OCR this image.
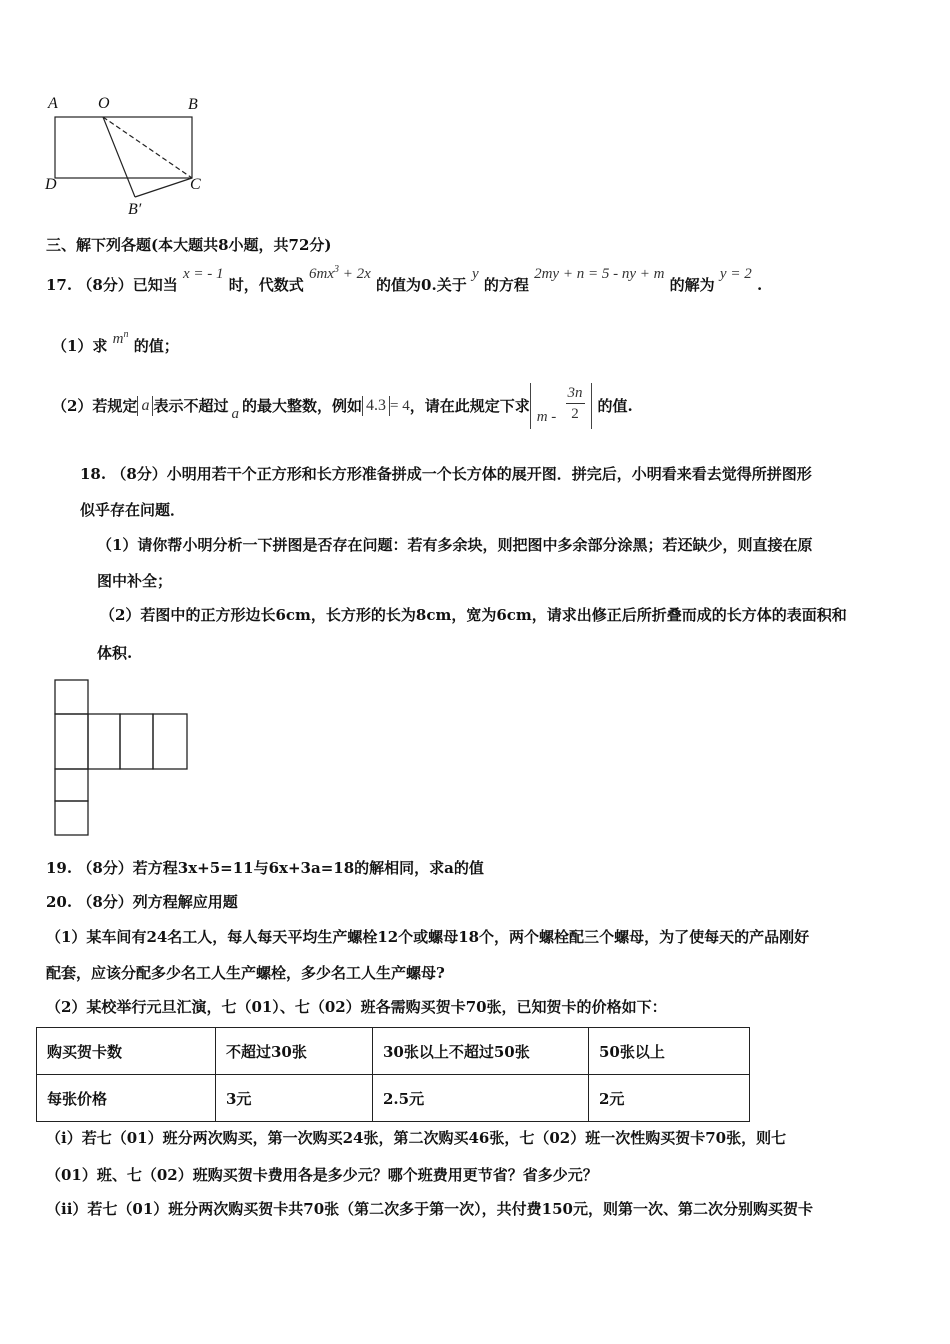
A	O	B
D	C
B′
三、解下列各题(本大题共8小题，共72分)
17. （8分）已知当 x = - 1 时，代数式 $6mx^3 + 2x$ 的值为0.关于 y 的方程 2my + n = 5 - ny + m 的解为 y = 2 .
（1）求 $m^n$ 的值；
（2）若规定 a 表示不超过 a 的最大整数，例如 4.3 = 4 ，请在此规定下求
m - $\frac{3n}{2}$ 的值.
18. （8分）小明用若干个正方形和长方形准备拼成一个长方体的展开图．拼完后，小明看来看去觉得所拼图形
似乎存在问题．
（1）请你帮小明分析一下拼图是否存在问题：若有多余块，则把图中多余部分涂黑；若还缺少，则直接在原
图中补全；
（2）若图中的正方形边长6cm，长方形的长为8cm，宽为6cm，请求出修正后所折叠而成的长方体的表面积和
体积.
19. （8分）若方程3x+5=11与6x+3a=18的解相同，求a的值
20. （8分）列方程解应用题
（1）某车间有24名工人，每人每天平均生产螺栓12个或螺母18个，两个螺栓配三个螺母，为了使每天的产品刚好
配套，应该分配多少名工人生产螺栓，多少名工人生产螺母?
（2）某校举行元旦汇演，七（01）、七（02）班各需购买贺卡70张，已知贺卡的价格如下：
购买贺卡数	不超过30张	30张以上不超过50张	50张以上
每张价格	3元	2.5元	2元
（i）若七（01）班分两次购买，第一次购买24张，第二次购买46张，七（02）班一次性购买贺卡70张，则七
（01）班、七（02）班购买贺卡费用各是多少元？哪个班费用更节省？省多少元？
（ii）若七（01）班分两次购买贺卡共70张（第二次多于第一次），共付费150元，则第一次、第二次分别购买贺卡
